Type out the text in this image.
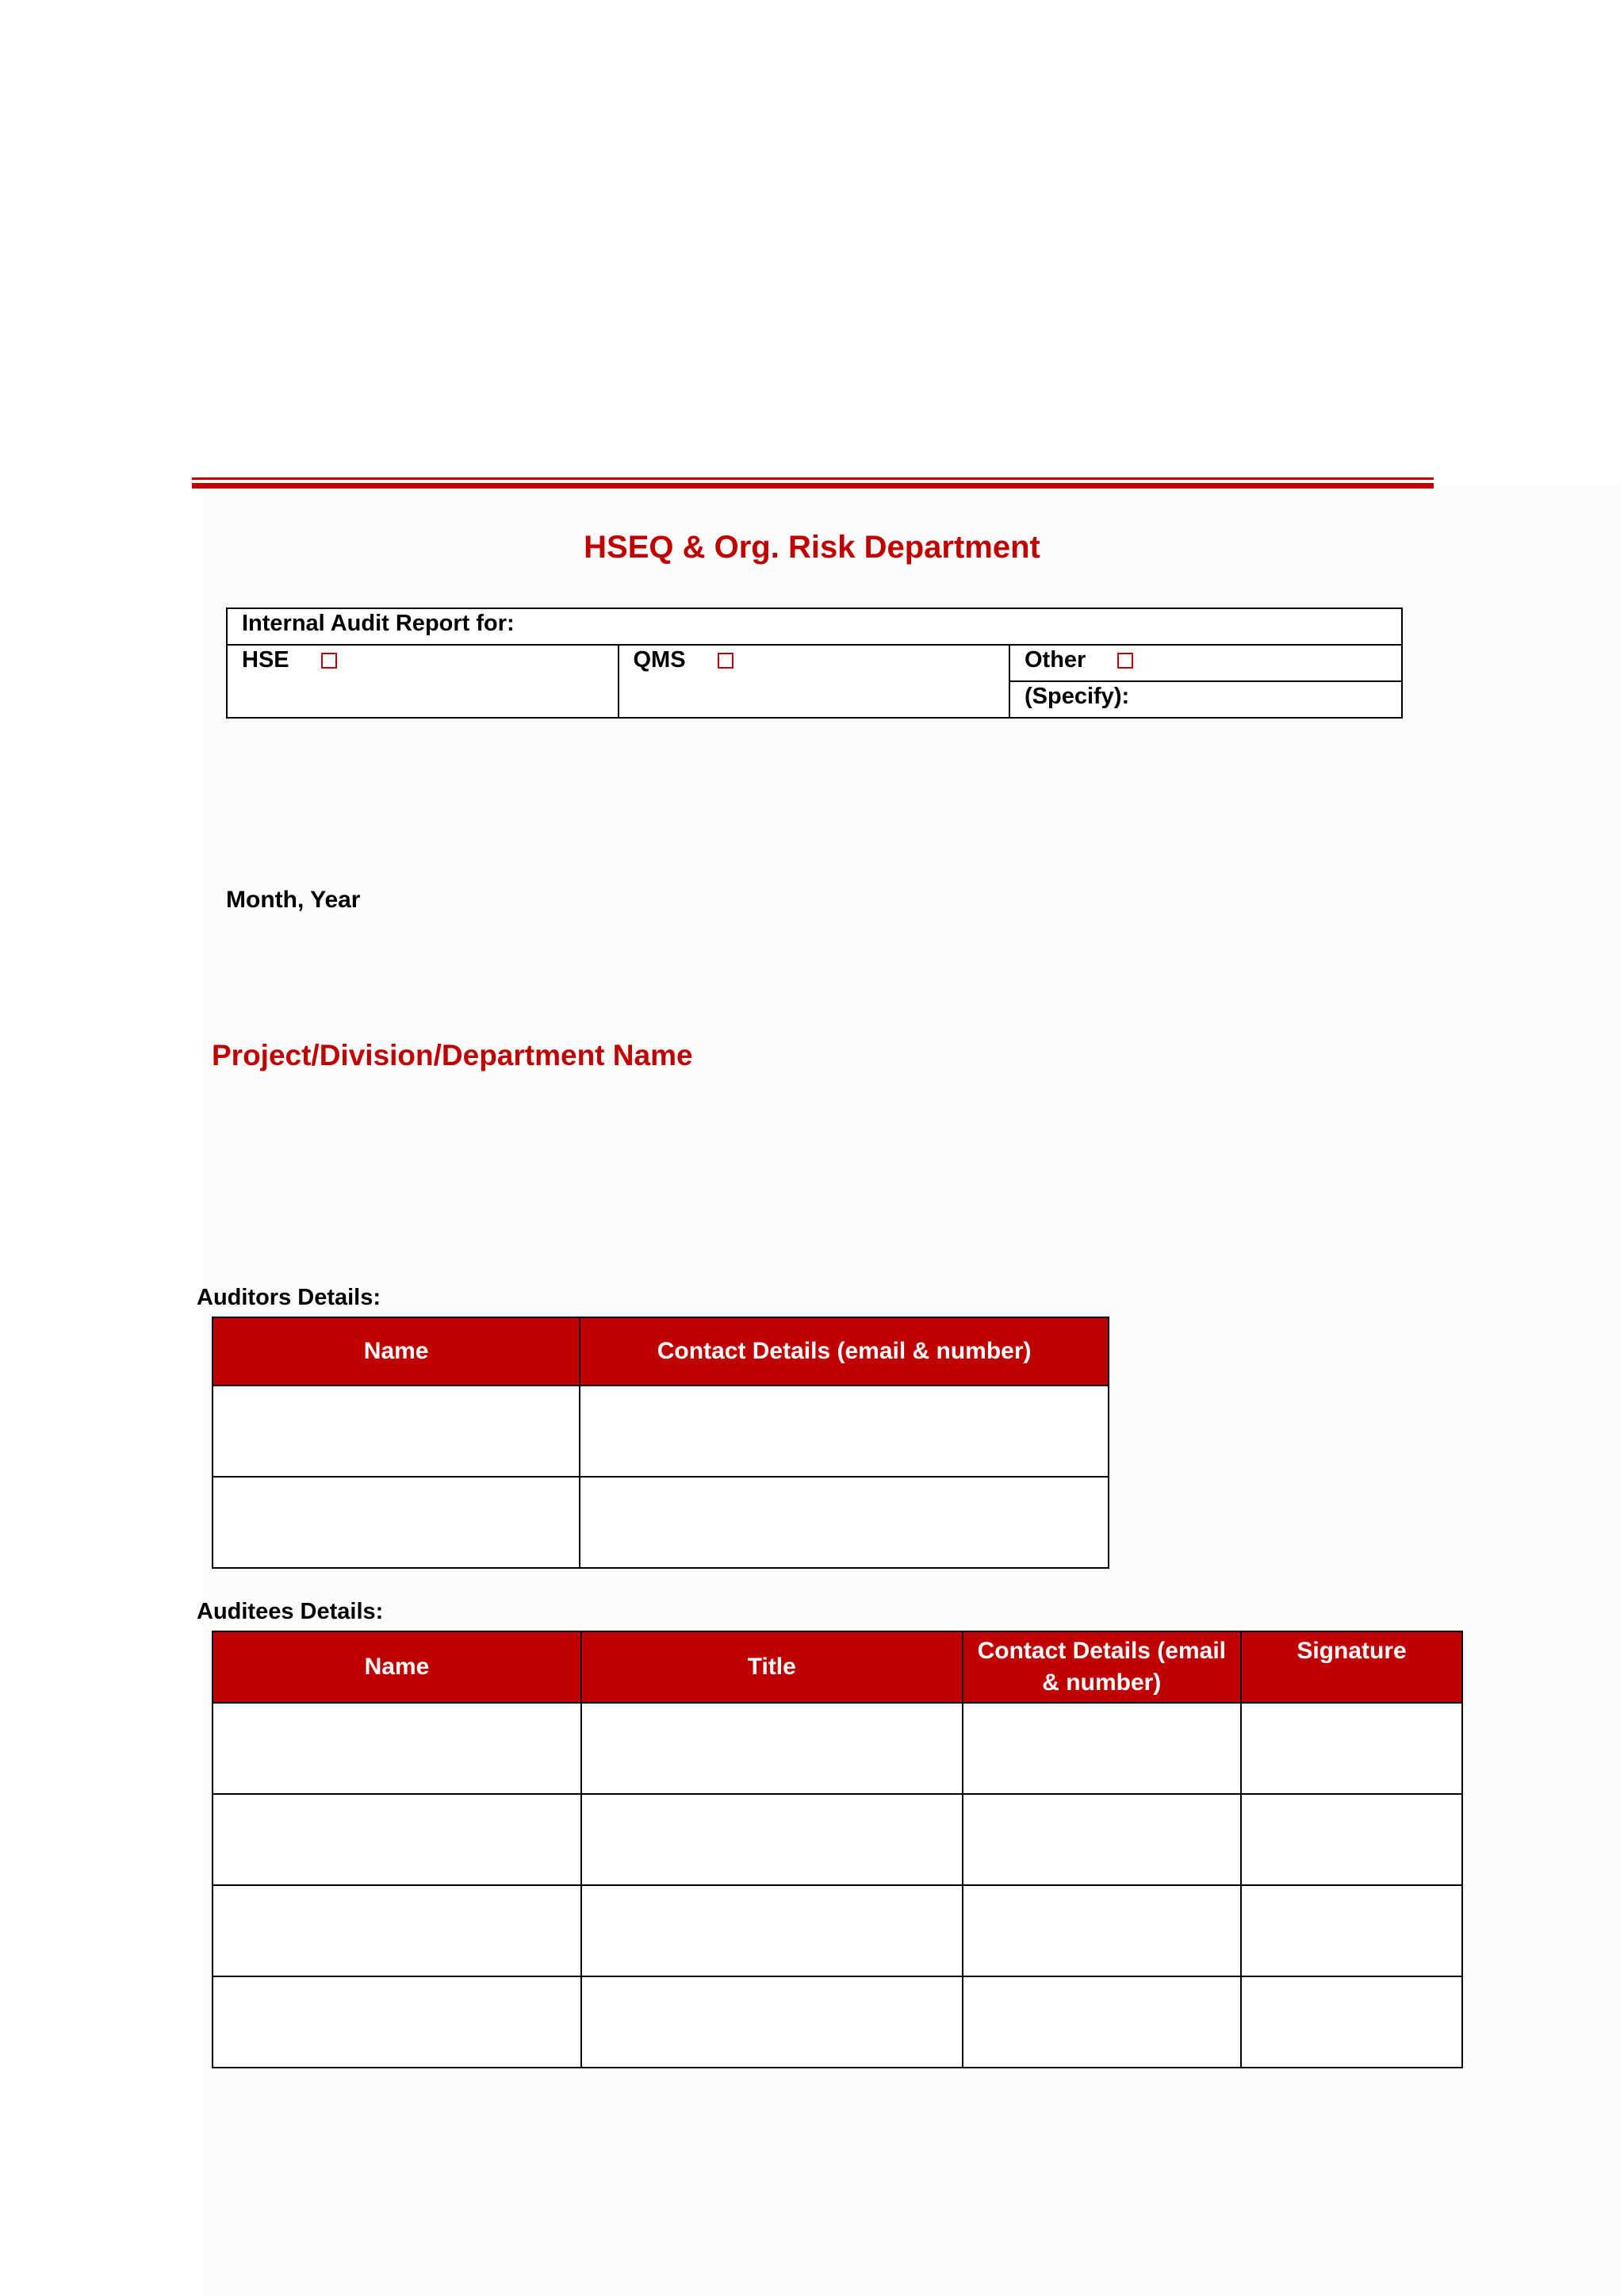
HSEQ & Org. Risk Department
Internal Audit Report for:
HSE	QMS	Other
(Specify):
Month, Year
Project/Division/Department Name
Auditors Details:
Name	Contact Details (email & number)

Auditees Details:
Name	Title	Contact Details (email & number)	Signature
